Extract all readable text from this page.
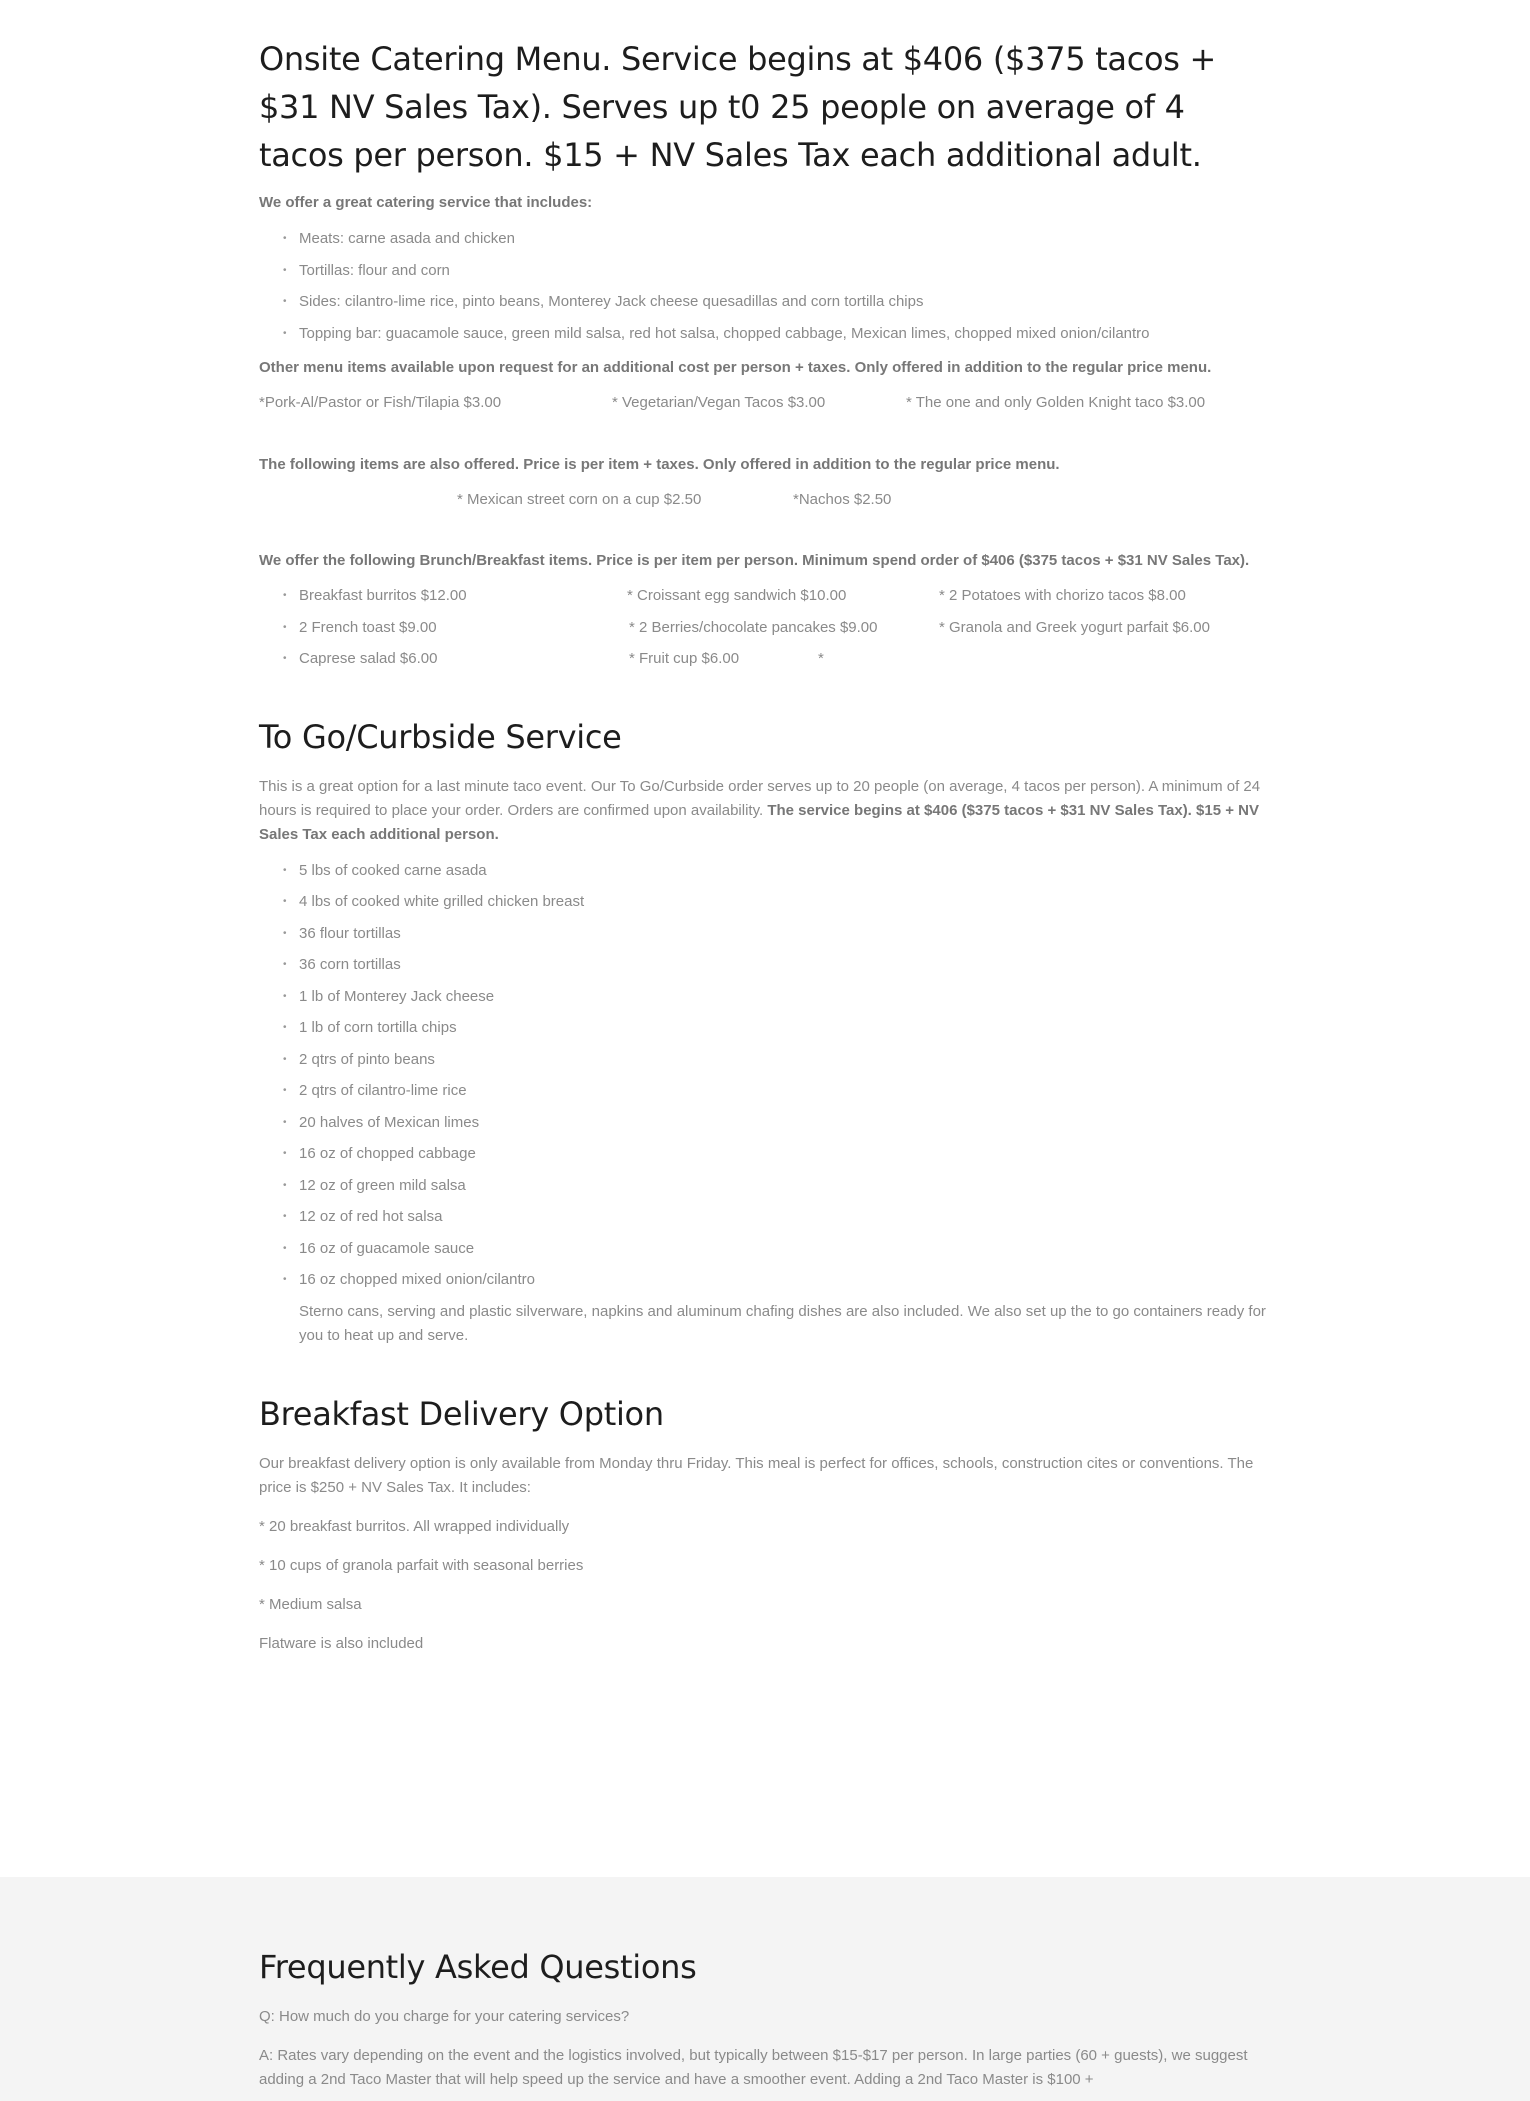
Onsite Catering Menu. Service begins at $406 ($375 tacos + $31 NV Sales Tax). Serves up t0 25 people on average of 4 tacos per person. $15 + NV Sales Tax each additional adult.

We offer a great catering service that includes:

• Meats: carne asada and chicken
• Tortillas: flour and corn
• Sides: cilantro-lime rice, pinto beans, Monterey Jack cheese quesadillas and corn tortilla chips
• Topping bar: guacamole sauce, green mild salsa, red hot salsa, chopped cabbage, Mexican limes, chopped mixed onion/cilantro

Other menu items available upon request for an additional cost per person + taxes. Only offered in addition to the regular price menu.

*Pork-Al/Pastor or Fish/Tilapia $3.00	* Vegetarian/Vegan Tacos $3.00	* The one and only Golden Knight taco $3.00

The following items are also offered. Price is per item + taxes. Only offered in addition to the regular price menu.

* Mexican street corn on a cup $2.50	*Nachos $2.50

We offer the following Brunch/Breakfast items. Price is per item per person. Minimum spend order of $406 ($375 tacos + $31 NV Sales Tax).

• Breakfast burritos $12.00	* Croissant egg sandwich $10.00	* 2 Potatoes with chorizo tacos $8.00
• 2 French toast $9.00	* 2 Berries/chocolate pancakes $9.00	* Granola and Greek yogurt parfait $6.00
• Caprese salad $6.00	* Fruit cup $6.00	*
To Go/Curbside Service

This is a great option for a last minute taco event. Our To Go/Curbside order serves up to 20 people (on average, 4 tacos per person). A minimum of 24 hours is required to place your order. Orders are confirmed upon availability. The service begins at $406 ($375 tacos + $31 NV Sales Tax). $15 + NV Sales Tax each additional person.

• 5 lbs of cooked carne asada
• 4 lbs of cooked white grilled chicken breast
• 36 flour tortillas
• 36 corn tortillas
• 1 lb of Monterey Jack cheese
• 1 lb of corn tortilla chips
• 2 qtrs of pinto beans
• 2 qtrs of cilantro-lime rice
• 20 halves of Mexican limes
• 16 oz of chopped cabbage
• 12 oz of green mild salsa
• 12 oz of red hot salsa
• 16 oz of guacamole sauce
• 16 oz chopped mixed onion/cilantro

Sterno cans, serving and plastic silverware, napkins and aluminum chafing dishes are also included. We also set up the to go containers ready for you to heat up and serve.

Breakfast Delivery Option

Our breakfast delivery option is only available from Monday thru Friday. This meal is perfect for offices, schools, construction cites or conventions. The price is $250 + NV Sales Tax. It includes:

* 20 breakfast burritos. All wrapped individually

* 10 cups of granola parfait with seasonal berries

* Medium salsa

Flatware is also included

Frequently Asked Questions

Q: How much do you charge for your catering services?

A: Rates vary depending on the event and the logistics involved, but typically between $15-$17 per person. In large parties (60 + guests), we suggest adding a 2nd Taco Master that will help speed up the service and have a smoother event. Adding a 2nd Taco Master is $100 +
